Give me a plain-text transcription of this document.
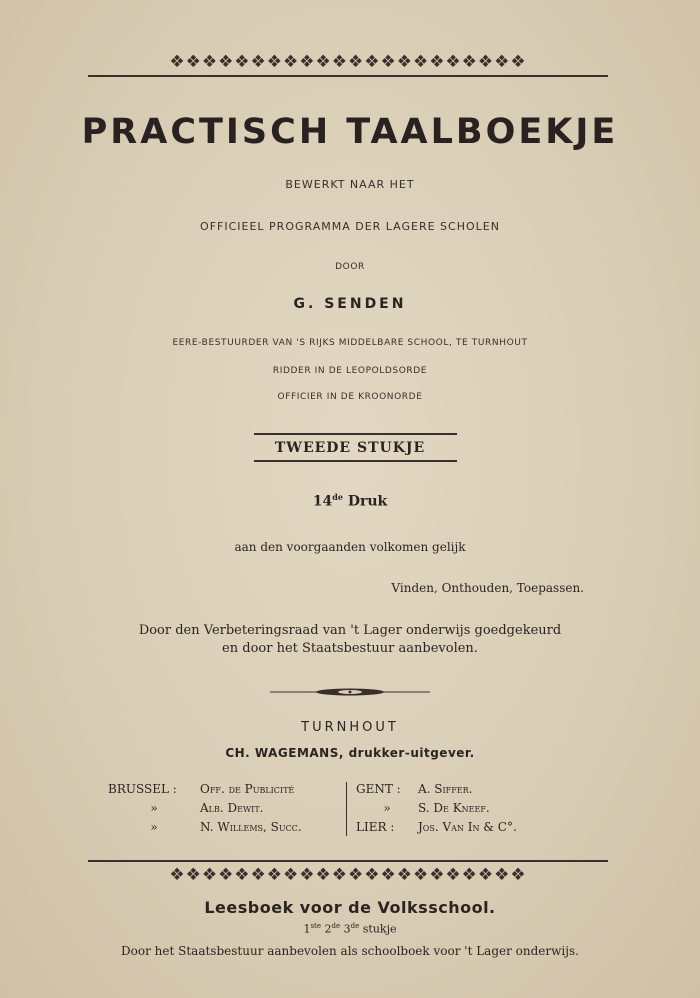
❖❖❖❖❖❖❖❖❖❖❖❖❖❖❖❖❖❖❖❖❖❖
PRACTISCH TAALBOEKJE
BEWERKT NAAR HET
OFFICIEEL PROGRAMMA DER LAGERE SCHOLEN
DOOR
G. SENDEN
EERE-BESTUURDER VAN 'S RIJKS MIDDELBARE SCHOOL, TE TURNHOUT
RIDDER IN DE LEOPOLDSORDE
OFFICIER IN DE KROONORDE
TWEEDE STUKJE
14de Druk
aan den voorgaanden volkomen gelijk
Vinden, Onthouden, Toepassen.
Door den Verbeteringsraad van 't Lager onderwijs goedgekeurd
en door het Staatsbestuur aanbevolen.
TURNHOUT
CH. WAGEMANS, drukker-uitgever.
BRUSSEL : Off. de Publicité
»	Alb. Dewit.
»	N. Willems, Succ.
GENT : A. Siffer.
» S. De Kneef.
LIER : Jos. Van In & C°.
❖❖❖❖❖❖❖❖❖❖❖❖❖❖❖❖❖❖❖❖❖❖
Leesboek voor de Volksschool.
1ste 2de 3de stukje
Door het Staatsbestuur aanbevolen als schoolboek voor 't Lager onderwijs.
